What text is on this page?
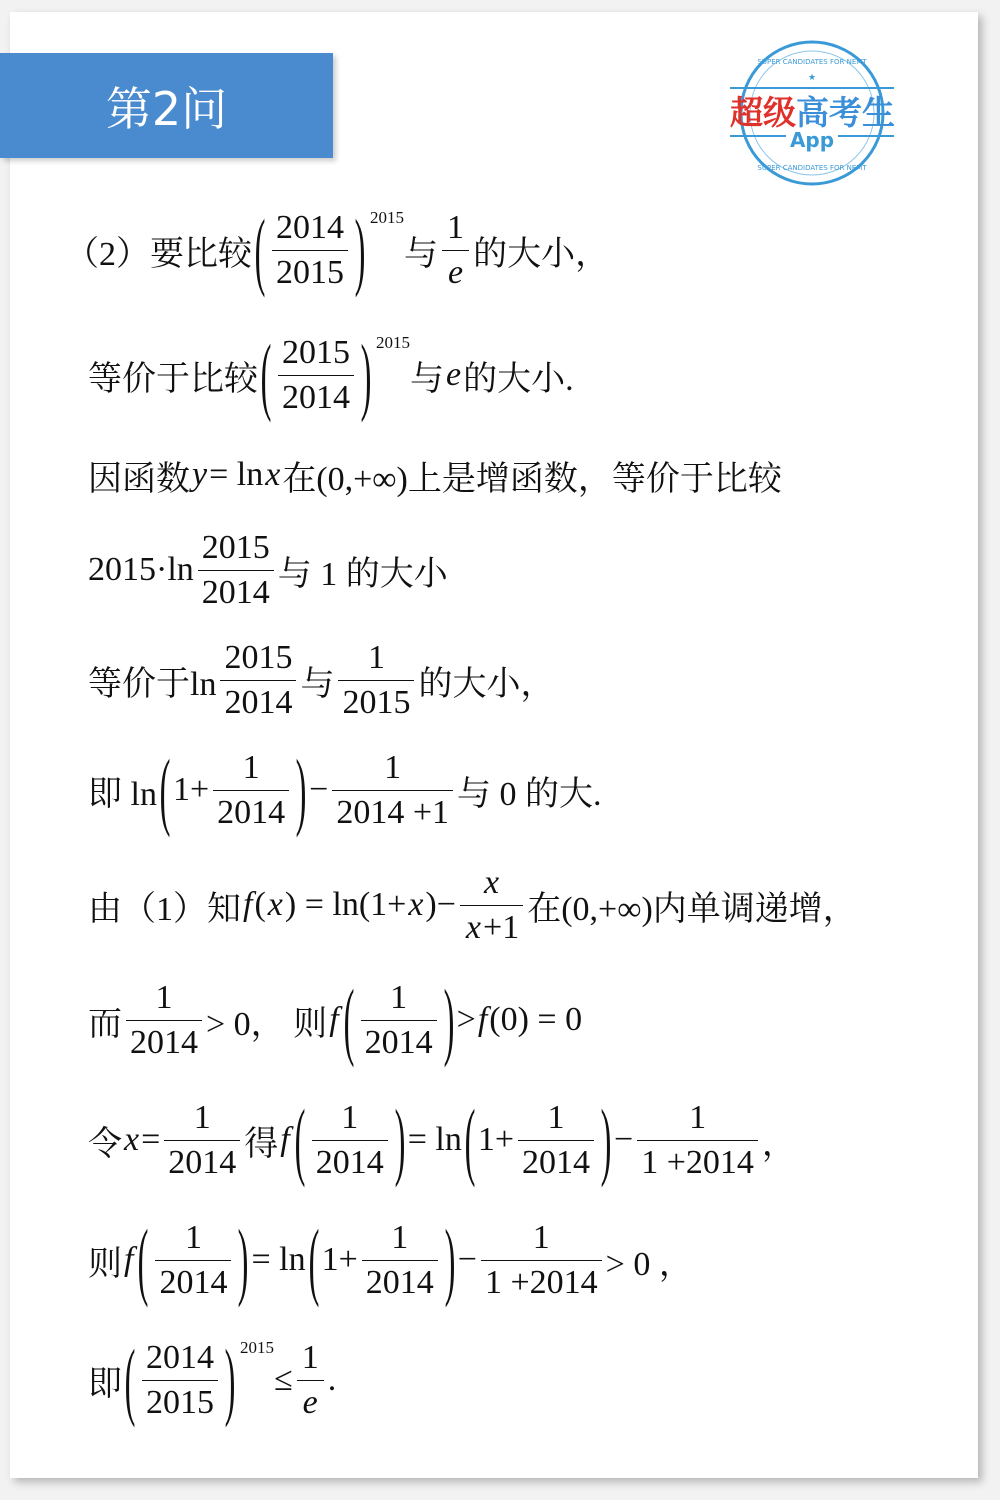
第2问
SUPER CANDIDATES FOR NEMT
★
超级 高考生
App
SUPER CANDIDATES FOR NEMT
（2）要比较 ( $\frac{2014}{2015}$ ) 2015
与 $\frac{1}{e}$ 的大小，
等价于比较 ( $\frac{2015}{2014}$ ) 2015
与 e 的大小.
因函数 y = ln x 在(0,+∞)上是增函数，等价于比较
$2015\cdot\ln \frac{2015}{2014}$ 与 1 的大小
等价于$\ln \frac{2015}{2014}$ 与 $\frac{1}{2015}$ 的大小，
即 ln ( $1+ \frac{1}{2014}$ ) − $\frac{1}{2014 +1}$ 与 0 的大.
由（1）知 f ( x ) = ln(1+ x )− $\frac{x}{x +1}$ 在(0,+∞)内单调递增，
而 $\frac{1}{2014} > 0$， 则 f ( $\frac{1}{2014}$ ) > f (0) = 0
令 $x = \frac{1}{2014}$ 得 f ( $\frac{1}{2014}$ ) = ln ( $1+ \frac{1}{2014}$ ) − $\frac{1}{1 +2014}$ ，
则 f ( $\frac{1}{2014}$ ) = ln ( $1+ \frac{1}{2014}$ ) − $\frac{1}{1 +2014} > 0$ ，
即 ( $\frac{2014}{2015}$ ) 2015
≤ $\frac{1}{e}$ .
